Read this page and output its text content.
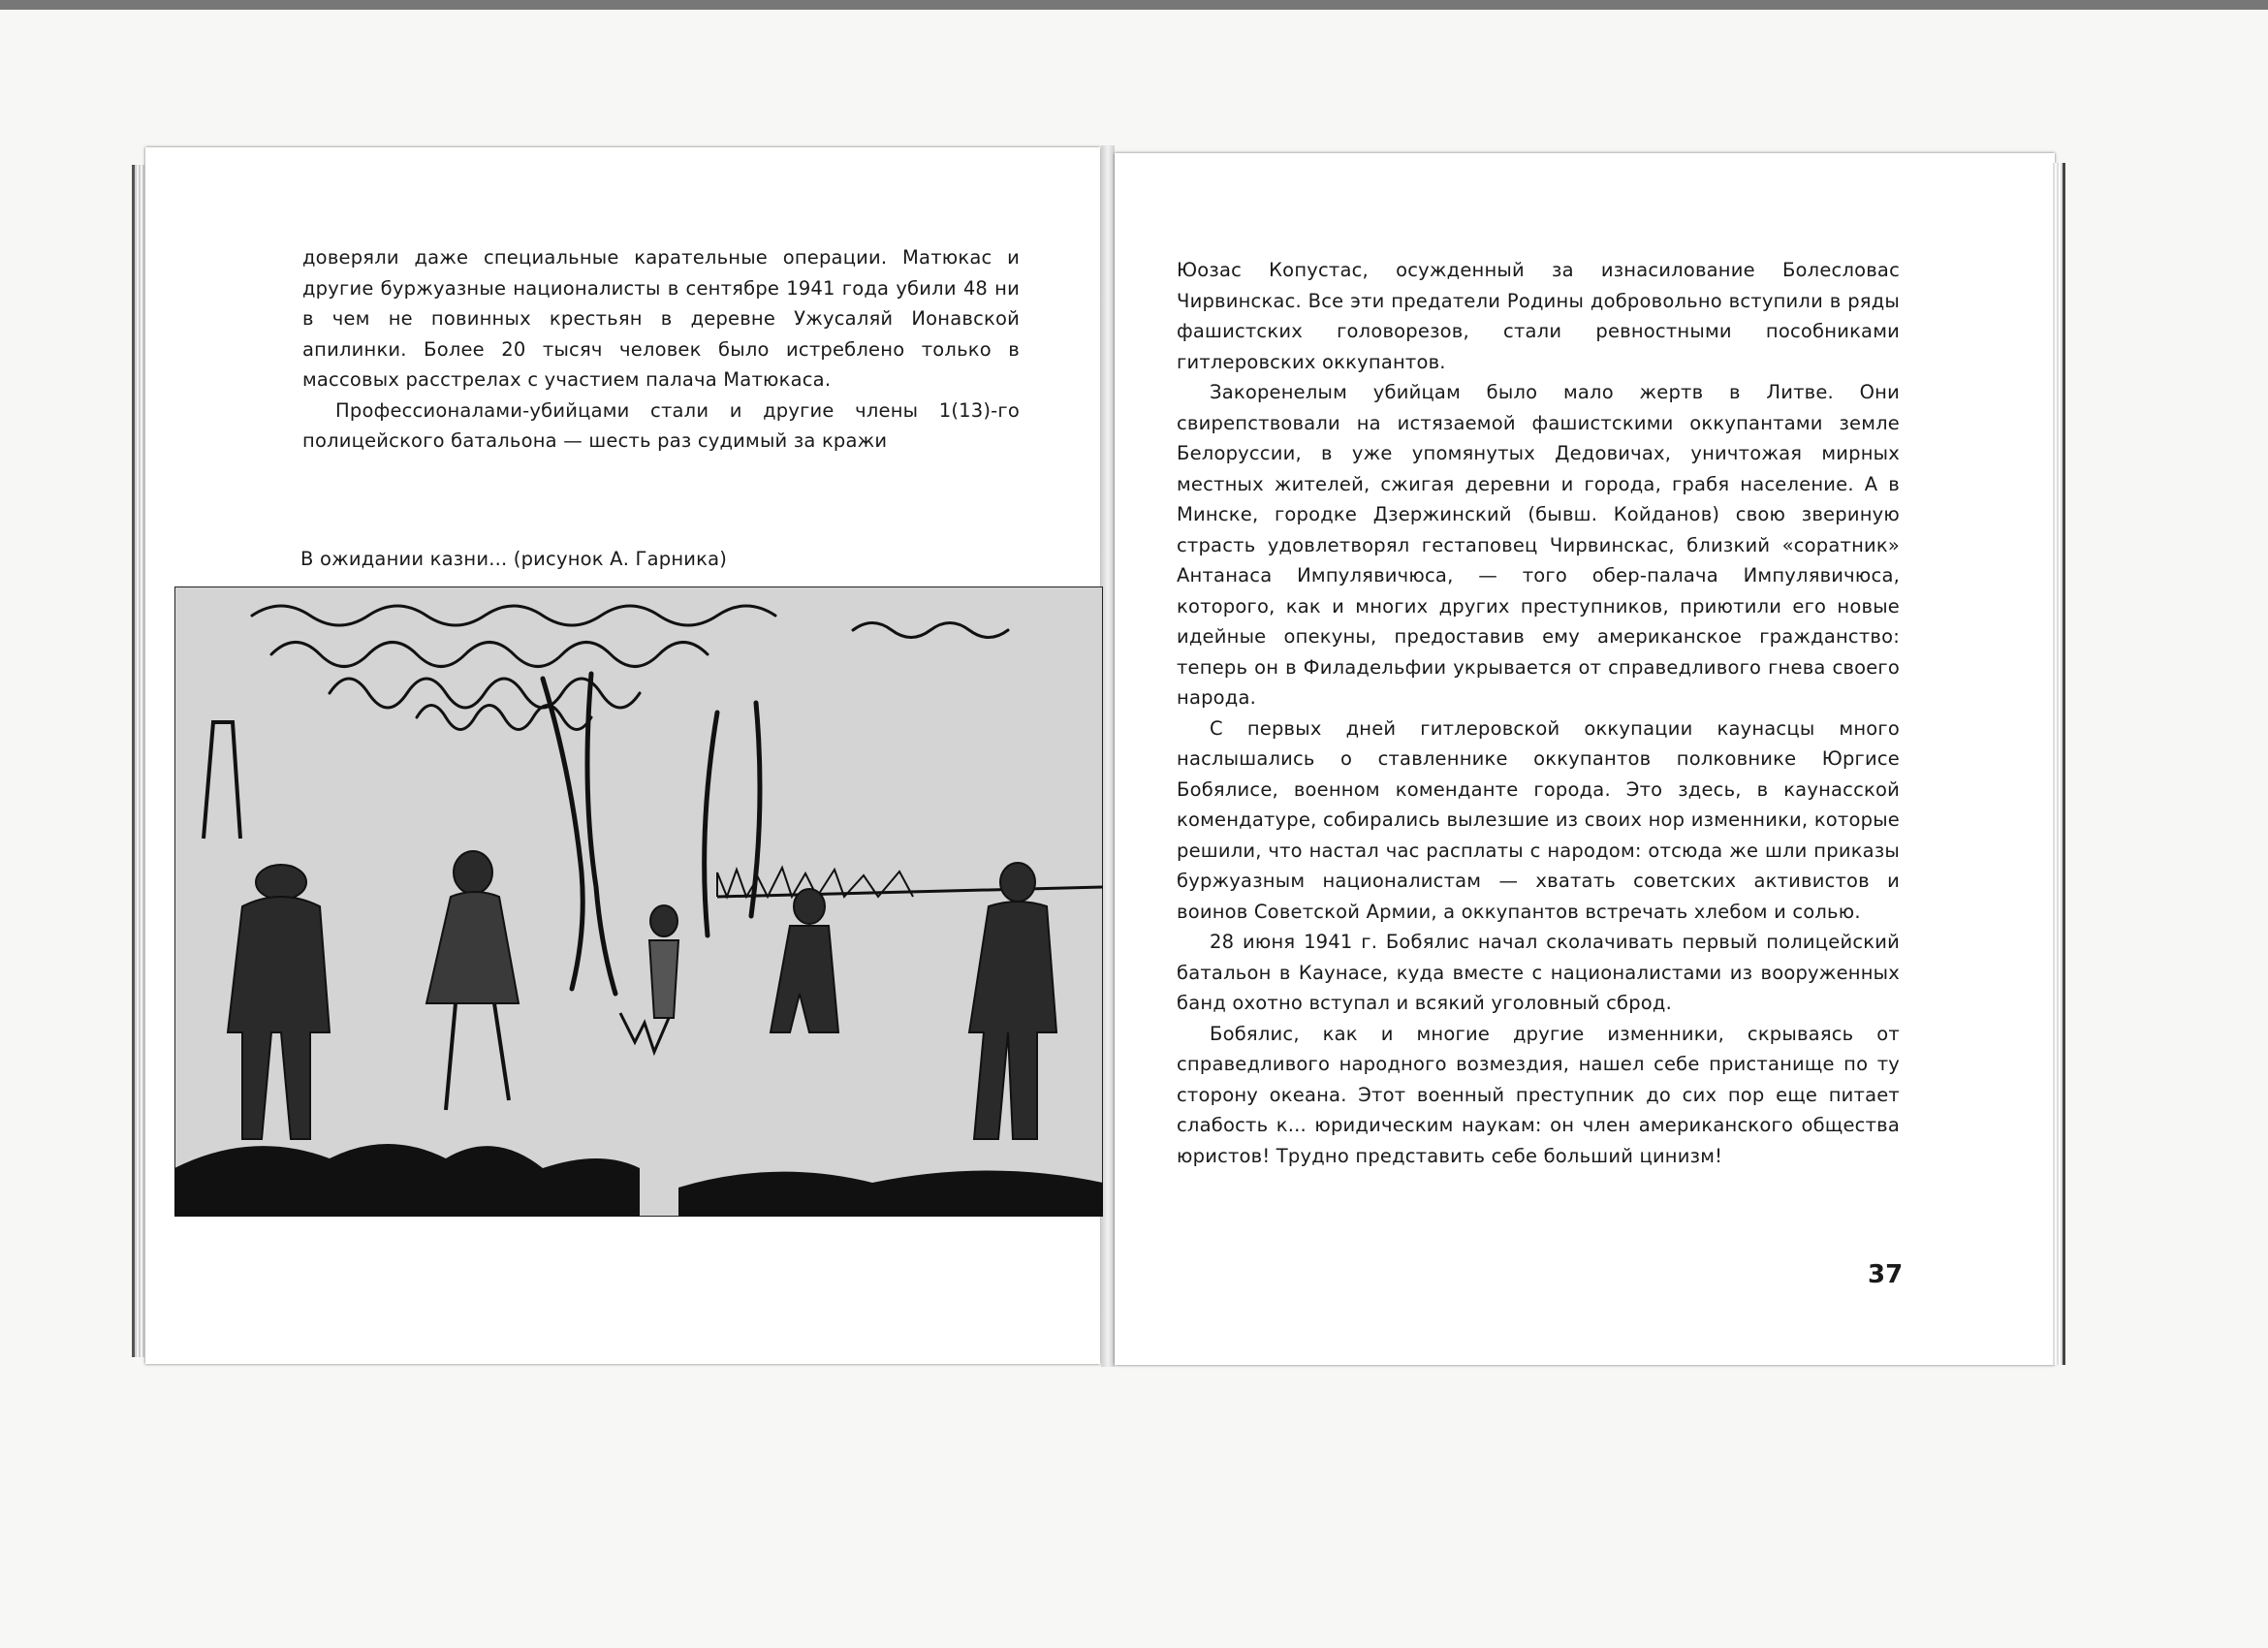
доверяли даже специальные карательные операции. Матюкас и другие буржуазные националисты в сентябре 1941 года убили 48 ни в чем не повинных крестьян в деревне Ужусаляй Ионавской апилинки. Более 20 тысяч человек было истреблено только в массовых расстрелах с участием палача Матюкаса.

Профессионалами-убийцами стали и другие члены 1(13)-го полицейского батальона — шесть раз судимый за кражи

В ожидании казни... (рисунок А. Гарника)

Юозас Копустас, осужденный за изнасилование Болесловас Чирвинскас. Все эти предатели Родины добровольно вступили в ряды фашистских головорезов, стали ревностными пособниками гитлеровских оккупантов.

Закоренелым убийцам было мало жертв в Литве. Они свирепствовали на истязаемой фашистскими оккупантами земле Белоруссии, в уже упомянутых Дедовичах, уничтожая мирных местных жителей, сжигая деревни и города, грабя население. А в Минске, городке Дзержинский (бывш. Койданов) свою звериную страсть удовлетворял гестаповец Чирвинскас, близкий «соратник» Антанаса Импулявичюса, — того обер-палача Импулявичюса, которого, как и многих других преступников, приютили его новые идейные опекуны, предоставив ему американское гражданство: теперь он в Филадельфии укрывается от справедливого гнева своего народа.

С первых дней гитлеровской оккупации каунасцы много наслышались о ставленнике оккупантов полковнике Юргисе Бобялисе, военном коменданте города. Это здесь, в каунасской комендатуре, собирались вылезшие из своих нор изменники, которые решили, что настал час расплаты с народом: отсюда же шли приказы буржуазным националистам — хватать советских активистов и воинов Советской Армии, а оккупантов встречать хлебом и солью.

28 июня 1941 г. Бобялис начал сколачивать первый полицейский батальон в Каунасе, куда вместе с националистами из вооруженных банд охотно вступал и всякий уголовный сброд.

Бобялис, как и многие другие изменники, скрываясь от справедливого народного возмездия, нашел себе пристанище по ту сторону океана. Этот военный преступник до сих пор еще питает слабость к... юридическим наукам: он член американского общества юристов! Трудно представить себе больший цинизм!

37
